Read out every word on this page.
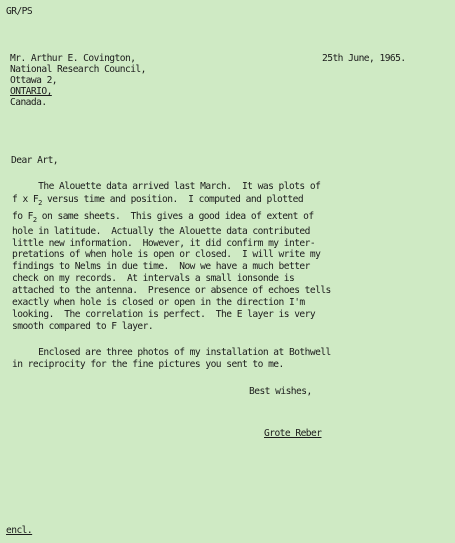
GR/PS
25th June, 1965.
Mr. Arthur E. Covington,
National Research Council,
Ottawa 2,
ONTARIO,
Canada.
Dear Art,
The Alouette data arrived last March.  It was plots of
f x $F_2$ versus time and position.  I computed and plotted
fo $F_2$ on same sheets.  This gives a good idea of extent of
hole in latitude.  Actually the Alouette data contributed
little new information.  However, it did confirm my inter-
pretations of when hole is open or closed.  I will write my
findings to Nelms in due time.  Now we have a much better
check on my records.  At intervals a small ionsonde is
attached to the antenna.  Presence or absence of echoes tells
exactly when hole is closed or open in the direction I'm
looking.  The correlation is perfect.  The E layer is very
smooth compared to F layer.
Enclosed are three photos of my installation at Bothwell
in reciprocity for the fine pictures you sent to me.
Best wishes,
Grote Reber
encl.
